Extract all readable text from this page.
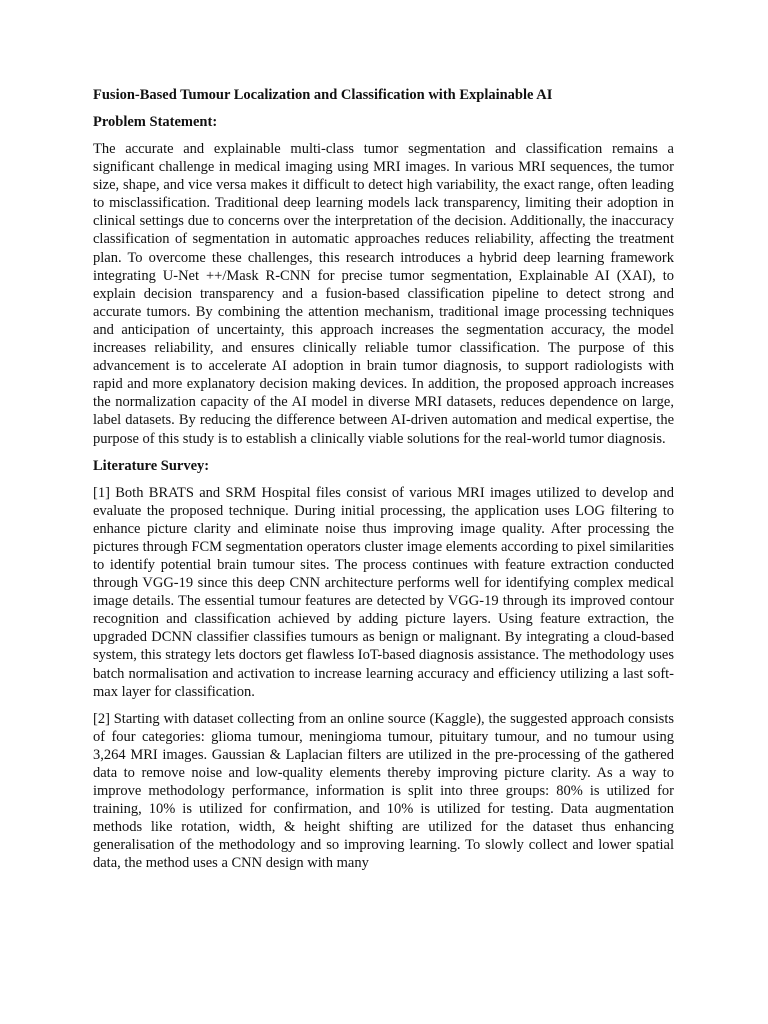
Fusion-Based Tumour Localization and Classification with Explainable AI
Problem Statement:

The accurate and explainable multi-class tumor segmentation and classification remains a significant challenge in medical imaging using MRI images. In various MRI sequences, the tumor size, shape, and vice versa makes it difficult to detect high variability, the exact range, often leading to misclassification. Traditional deep learning models lack transparency, limiting their adoption in clinical settings due to concerns over the interpretation of the decision. Additionally, the inaccuracy classification of segmentation in automatic approaches reduces reliability, affecting the treatment plan. To overcome these challenges, this research introduces a hybrid deep learning framework integrating U-Net ++/Mask R-CNN for precise tumor segmentation, Explainable AI (XAI), to explain decision transparency and a fusion-based classification pipeline to detect strong and accurate tumors. By combining the attention mechanism, traditional image processing techniques and anticipation of uncertainty, this approach increases the segmentation accuracy, the model increases reliability, and ensures clinically reliable tumor classification. The purpose of this advancement is to accelerate AI adoption in brain tumor diagnosis, to support radiologists with rapid and more explanatory decision making devices. In addition, the proposed approach increases the normalization capacity of the AI model in diverse MRI datasets, reduces dependence on large, label datasets. By reducing the difference between AI-driven automation and medical expertise, the purpose of this study is to establish a clinically viable solutions for the real-world tumor diagnosis.

Literature Survey:

[1] Both BRATS and SRM Hospital files consist of various MRI images utilized to develop and evaluate the proposed technique. During initial processing, the application uses LOG filtering to enhance picture clarity and eliminate noise thus improving image quality. After processing the pictures through FCM segmentation operators cluster image elements according to pixel similarities to identify potential brain tumour sites. The process continues with feature extraction conducted through VGG-19 since this deep CNN architecture performs well for identifying complex medical image details. The essential tumour features are detected by VGG-19 through its improved contour recognition and classification achieved by adding picture layers. Using feature extraction, the upgraded DCNN classifier classifies tumours as benign or malignant. By integrating a cloud-based system, this strategy lets doctors get flawless IoT-based diagnosis assistance. The methodology uses batch normalisation and activation to increase learning accuracy and efficiency utilizing a last soft-max layer for classification.

[2] Starting with dataset collecting from an online source (Kaggle), the suggested approach consists of four categories: glioma tumour, meningioma tumour, pituitary tumour, and no tumour using 3,264 MRI images. Gaussian & Laplacian filters are utilized in the pre-processing of the gathered data to remove noise and low-quality elements thereby improving picture clarity. As a way to improve methodology performance, information is split into three groups: 80% is utilized for training, 10% is utilized for confirmation, and 10% is utilized for testing. Data augmentation methods like rotation, width, & height shifting are utilized for the dataset thus enhancing generalisation of the methodology and so improving learning. To slowly collect and lower spatial data, the method uses a CNN design with many
